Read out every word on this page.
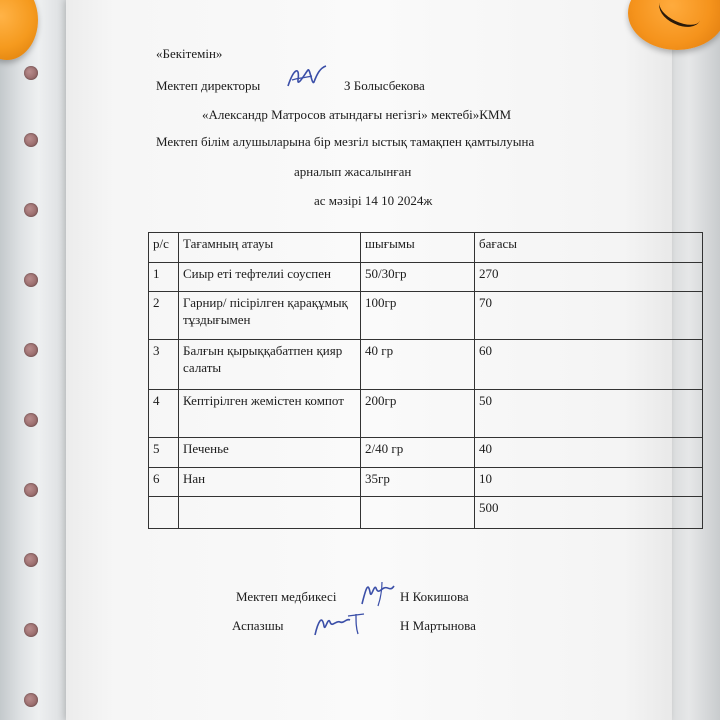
«Бекітемін»
Мектеп директоры	З Болысбекова
«Александр Матросов атындағы негізгі» мектебі»КММ
Мектеп білім алушыларына бір мезгіл ыстық тамақпен қамтылуына
арналып жасалынған
ас мәзірі 14 10 2024ж
р/с	Тағамның атауы	шығымы	бағасы
1	Сиыр еті тефтелиі соуспен	50/30гр	270
2	Гарнир/ пісірілген қарақұмық тұздығымен	100гр	70
3	Балғын қырыққабатпен қияр салаты	40 гр	60
4	Кептірілген жемістен компот	200гр	50
5	Печенье	2/40 гр	40
6	Нан	35гр	10
			500
Мектеп медбикесі	Н Кокишова
Аспазшы	Н Мартынова
